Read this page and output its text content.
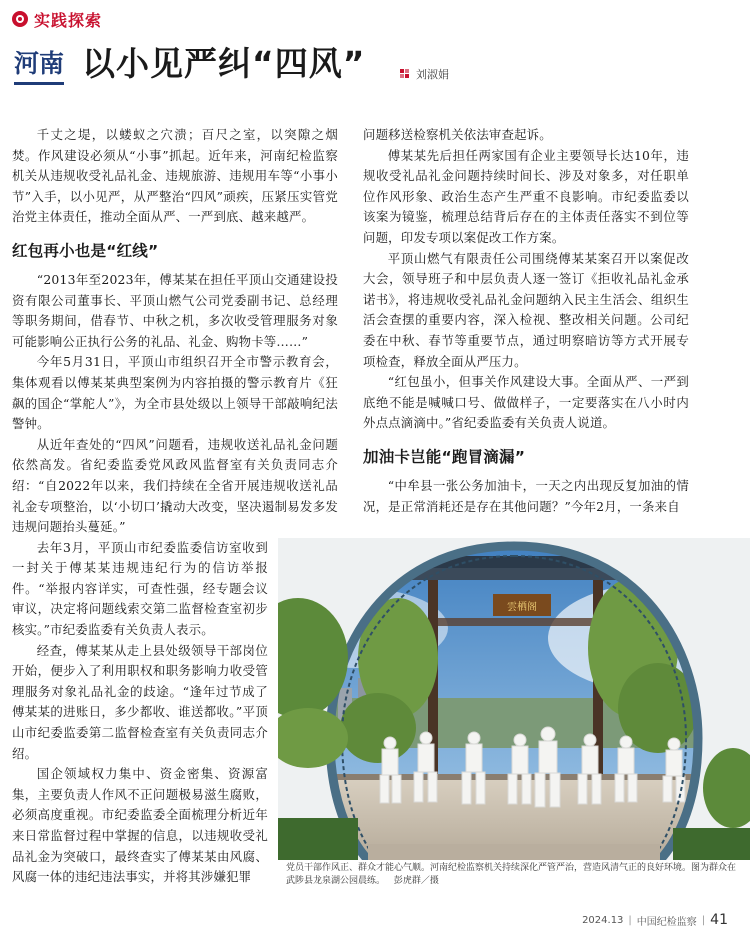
实践探索
河南 以小见严纠“四风”	刘淑娟

千丈之堤，以蝼蚁之穴溃；百尺之室，以突隙之烟焚。作风建设必须从“小事”抓起。近年来，河南纪检监察机关从违规收受礼品礼金、违规旅游、违规用车等“小事小节”入手，以小见严，从严整治“四风”顽疾，压紧压实管党治党主体责任，推动全面从严、一严到底、越来越严。

红包再小也是“红线”

“2013年至2023年，傅某某在担任平顶山交通建设投资有限公司董事长、平顶山燃气公司党委副书记、总经理等职务期间，借春节、中秋之机，多次收受管理服务对象可能影响公正执行公务的礼品、礼金、购物卡等……”

今年5月31日，平顶山市组织召开全市警示教育会，集体观看以傅某某典型案例为内容拍摄的警示教育片《狂飙的国企“掌舵人”》，为全市县处级以上领导干部敲响纪法警钟。

从近年查处的“四风”问题看，违规收送礼品礼金问题依然高发。省纪委监委党风政风监督室有关负责同志介绍：“自2022年以来，我们持续在全省开展违规收送礼品礼金专项整治，以‘小切口’撬动大改变，坚决遏制易发多发违规问题抬头蔓延。”

去年3月，平顶山市纪委监委信访室收到一封关于傅某某违规违纪行为的信访举报件。“举报内容详实，可查性强，经专题会议审议，决定将问题线索交第二监督检查室初步核实。”市纪委监委有关负责人表示。

经查，傅某某从走上县处级领导干部岗位开始，便步入了利用职权和职务影响力收受管理服务对象礼品礼金的歧途。“逢年过节成了傅某某的进账日，多少都收、谁送都收。”平顶山市纪委监委第二监督检查室有关负责同志介绍。

国企领域权力集中、资金密集、资源富集，主要负责人作风不正问题极易滋生腐败，必须高度重视。市纪委监委全面梳理分析近年来日常监督过程中掌握的信息，以违规收受礼品礼金为突破口，最终查实了傅某某由风腐、风腐一体的违纪违法事实，并将其涉嫌犯罪

问题移送检察机关依法审查起诉。

傅某某先后担任两家国有企业主要领导长达10年，违规收受礼品礼金问题持续时间长、涉及对象多，对任职单位作风形象、政治生态产生严重不良影响。市纪委监委以该案为镜鉴，梳理总结背后存在的主体责任落实不到位等问题，印发专项以案促改工作方案。

平顶山燃气有限责任公司围绕傅某某案召开以案促改大会，领导班子和中层负责人逐一签订《拒收礼品礼金承诺书》，将违规收受礼品礼金问题纳入民主生活会、组织生活会查摆的重要内容，深入检视、整改相关问题。公司纪委在中秋、春节等重要节点，通过明察暗访等方式开展专项检查，释放全面从严压力。

“红包虽小，但事关作风建设大事。全面从严、一严到底绝不能是喊喊口号、做做样子，一定要落实在八小时内外点点滴滴中。”省纪委监委有关负责人说道。

加油卡岂能“跑冒滴漏”

“中牟县一张公务加油卡，一天之内出现反复加油的情况，是正常消耗还是存在其他问题？”今年2月，一条来自

雲栖阁
党员干部作风正、群众才能心气顺。河南纪检监察机关持续深化严管严治，营造风清气正的良好环境。图为群众在武陟县龙泉湖公园晨练。 彭虎群／摄
2024.13 | 中国纪检监察 | 41
